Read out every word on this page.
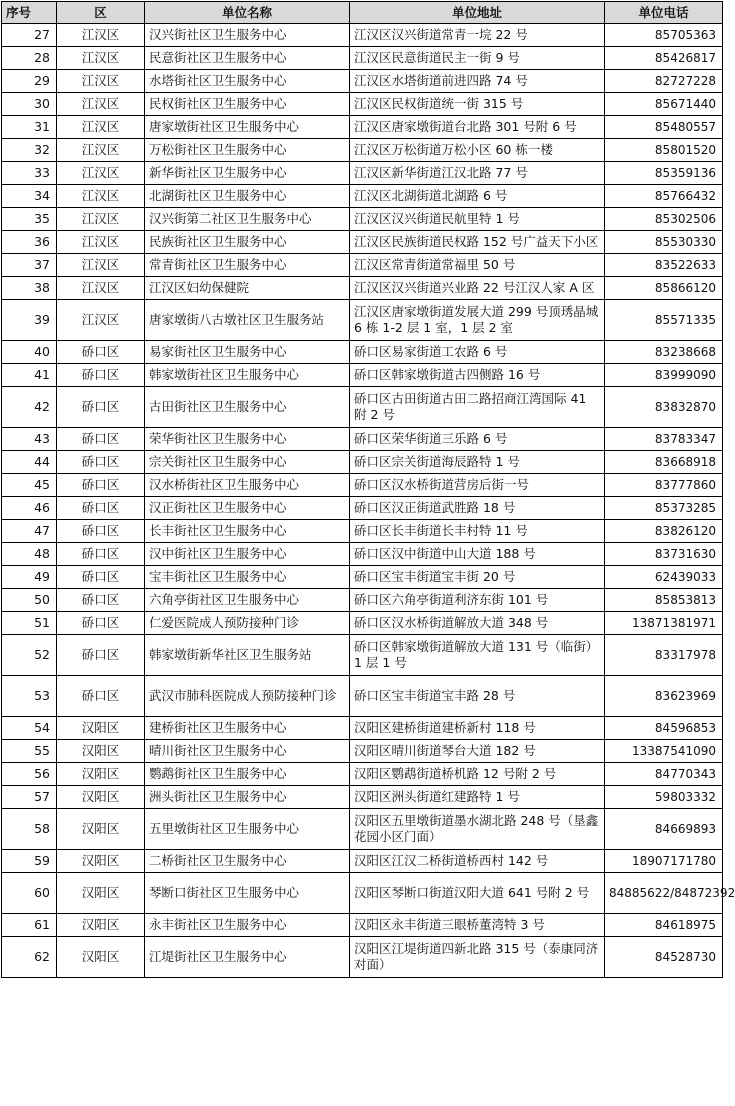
序号	区	单位名称	单位地址	单位电话
27	江汉区	汉兴街社区卫生服务中心	江汉区汉兴街道常青一垸 22 号	85705363
28	江汉区	民意街社区卫生服务中心	江汉区民意街道民主一街 9 号	85426817
29	江汉区	水塔街社区卫生服务中心	江汉区水塔街道前进四路 74 号	82727228
30	江汉区	民权街社区卫生服务中心	江汉区民权街道统一街 315 号	85671440
31	江汉区	唐家墩街社区卫生服务中心	江汉区唐家墩街道台北路 301 号附 6 号	85480557
32	江汉区	万松街社区卫生服务中心	江汉区万松街道万松小区 60 栋一楼	85801520
33	江汉区	新华街社区卫生服务中心	江汉区新华街道江汉北路 77 号	85359136
34	江汉区	北湖街社区卫生服务中心	江汉区北湖街道北湖路 6 号	85766432
35	江汉区	汉兴街第二社区卫生服务中心	江汉区汉兴街道民航里特 1 号	85302506
36	江汉区	民族街社区卫生服务中心	江汉区民族街道民权路 152 号广益天下小区	85530330
37	江汉区	常青街社区卫生服务中心	江汉区常青街道常福里 50 号	83522633
38	江汉区	江汉区妇幼保健院	江汉区汉兴街道兴业路 22 号江汉人家 A 区	85866120
39	江汉区	唐家墩街八古墩社区卫生服务站	江汉区唐家墩街道发展大道 299 号顶琇晶城 6 栋 1-2 层 1 室，1 层 2 室	85571335
40	硚口区	易家街社区卫生服务中心	硚口区易家街道工农路 6 号	83238668
41	硚口区	韩家墩街社区卫生服务中心	硚口区韩家墩街道古四侧路 16 号	83999090
42	硚口区	古田街社区卫生服务中心	硚口区古田街道古田二路招商江湾国际 41 附 2 号	83832870
43	硚口区	荣华街社区卫生服务中心	硚口区荣华街道三乐路 6 号	83783347
44	硚口区	宗关街社区卫生服务中心	硚口区宗关街道海辰路特 1 号	83668918
45	硚口区	汉水桥街社区卫生服务中心	硚口区汉水桥街道营房后街一号	83777860
46	硚口区	汉正街社区卫生服务中心	硚口区汉正街道武胜路 18 号	85373285
47	硚口区	长丰街社区卫生服务中心	硚口区长丰街道长丰村特 11 号	83826120
48	硚口区	汉中街社区卫生服务中心	硚口区汉中街道中山大道 188 号	83731630
49	硚口区	宝丰街社区卫生服务中心	硚口区宝丰街道宝丰街 20 号	62439033
50	硚口区	六角亭街社区卫生服务中心	硚口区六角亭街道利济东街 101 号	85853813
51	硚口区	仁爱医院成人预防接种门诊	硚口区汉水桥街道解放大道 348 号	13871381971
52	硚口区	韩家墩街新华社区卫生服务站	硚口区韩家墩街道解放大道 131 号（临街）1 层 1 号	83317978
53	硚口区	武汉市肺科医院成人预防接种门诊	硚口区宝丰街道宝丰路 28 号	83623969
54	汉阳区	建桥街社区卫生服务中心	汉阳区建桥街道建桥新村 118 号	84596853
55	汉阳区	晴川街社区卫生服务中心	汉阳区晴川街道琴台大道 182 号	13387541090
56	汉阳区	鹦鹉街社区卫生服务中心	汉阳区鹦鹉街道桥机路 12 号附 2 号	84770343
57	汉阳区	洲头街社区卫生服务中心	汉阳区洲头街道红建路特 1 号	59803332
58	汉阳区	五里墩街社区卫生服务中心	汉阳区五里墩街道墨水湖北路 248 号（垦鑫花园小区门面）	84669893
59	汉阳区	二桥街社区卫生服务中心	汉阳区江汉二桥街道桥西村 142 号	18907171780
60	汉阳区	琴断口街社区卫生服务中心	汉阳区琴断口街道汉阳大道 641 号附 2 号	84885622/84872392
61	汉阳区	永丰街社区卫生服务中心	汉阳区永丰街道三眼桥董湾特 3 号	84618975
62	汉阳区	江堤街社区卫生服务中心	汉阳区江堤街道四新北路 315 号（泰康同济对面）	84528730
